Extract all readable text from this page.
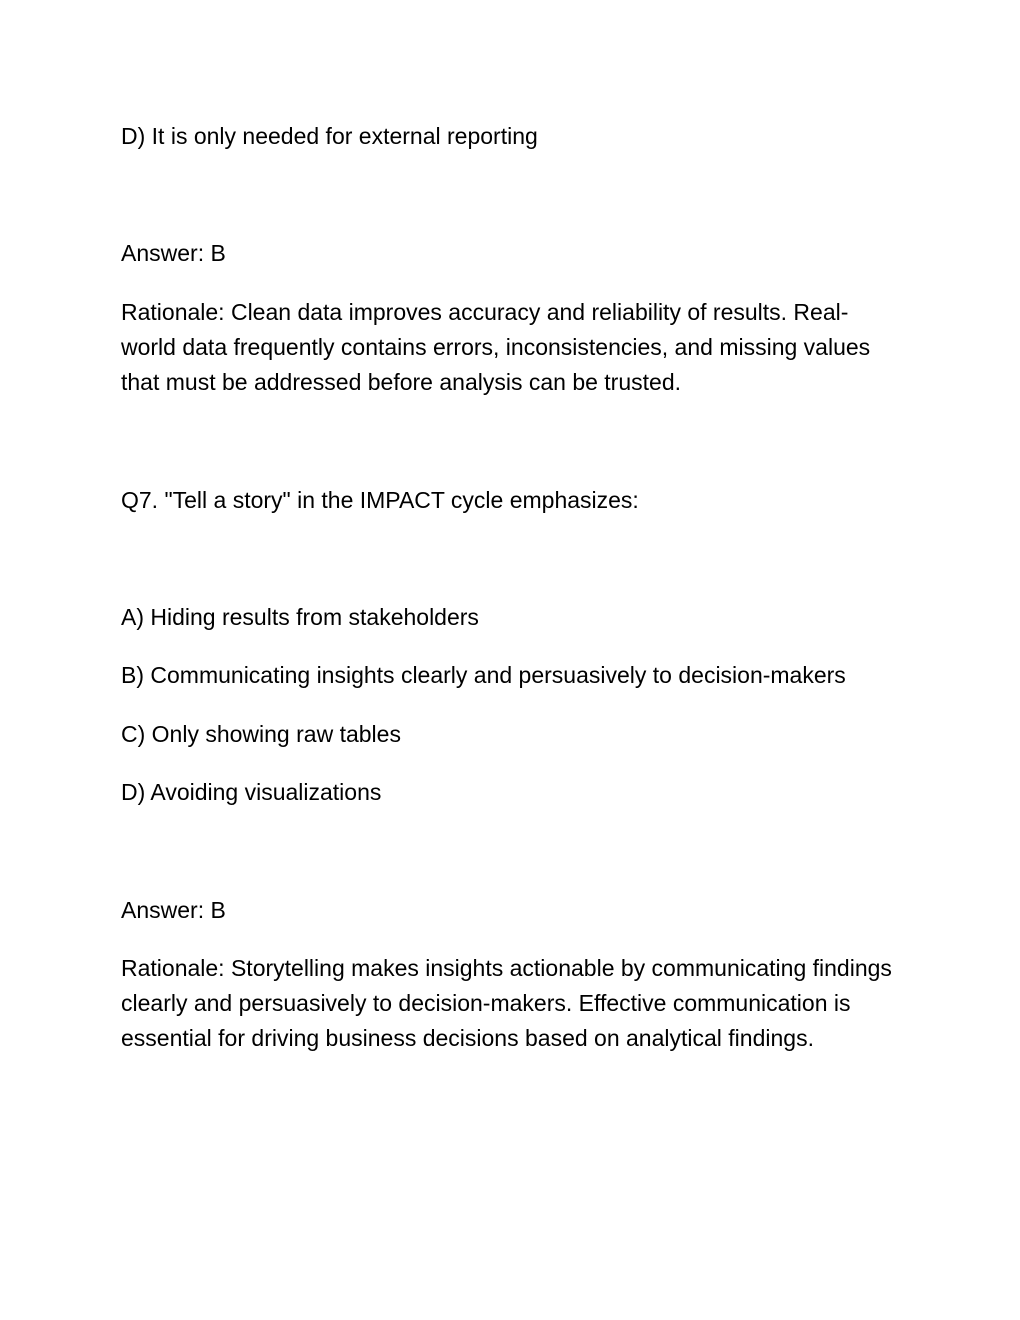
D) It is only needed for external reporting

Answer: B

Rationale: Clean data improves accuracy and reliability of results. Real-world data frequently contains errors, inconsistencies, and missing values that must be addressed before analysis can be trusted.

Q7. "Tell a story" in the IMPACT cycle emphasizes:

A) Hiding results from stakeholders

B) Communicating insights clearly and persuasively to decision-makers

C) Only showing raw tables

D) Avoiding visualizations

Answer: B

Rationale: Storytelling makes insights actionable by communicating findings clearly and persuasively to decision-makers. Effective communication is essential for driving business decisions based on analytical findings.
